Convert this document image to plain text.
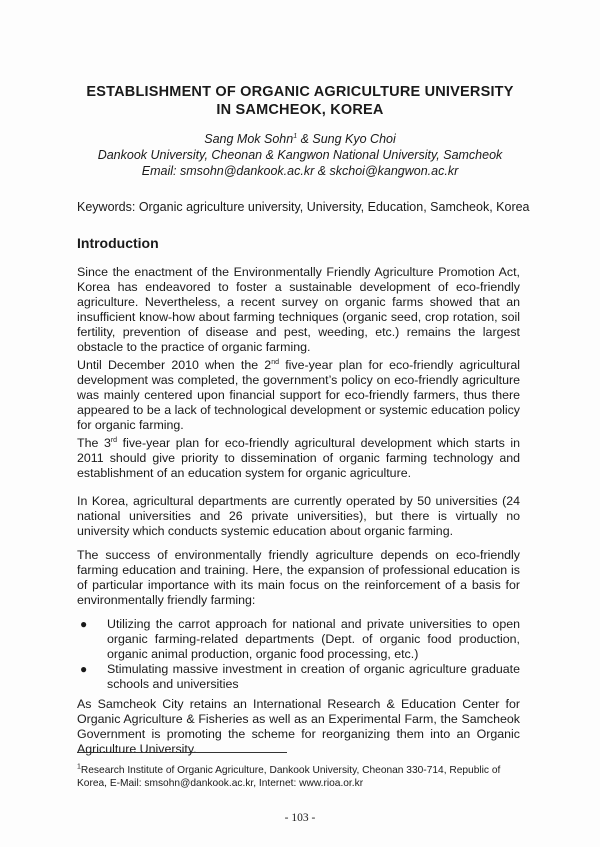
ESTABLISHMENT OF ORGANIC AGRICULTURE UNIVERSITY
IN SAMCHEOK, KOREA
Sang Mok Sohn$^1$ & Sung Kyo Choi
Dankook University, Cheonan & Kangwon National University, Samcheok
Email: smsohn@dankook.ac.kr & skchoi@kangwon.ac.kr
Keywords: Organic agriculture university, University, Education, Samcheok, Korea
Introduction
Since the enactment of the Environmentally Friendly Agriculture Promotion Act, Korea has endeavored to foster a sustainable development of eco-friendly agriculture. Nevertheless, a recent survey on organic farms showed that an insufficient know-how about farming techniques (organic seed, crop rotation, soil fertility, prevention of disease and pest, weeding, etc.) remains the largest obstacle to the practice of organic farming.
Until December 2010 when the 2nd five-year plan for eco-friendly agricultural development was completed, the government’s policy on eco-friendly agriculture was mainly centered upon financial support for eco-friendly farmers, thus there appeared to be a lack of technological development or systemic education policy for organic farming.
The 3rd five-year plan for eco-friendly agricultural development which starts in 2011 should give priority to dissemination of organic farming technology and establishment of an education system for organic agriculture.
In Korea, agricultural departments are currently operated by 50 universities (24 national universities and 26 private universities), but there is virtually no university which conducts systemic education about organic farming.
The success of environmentally friendly agriculture depends on eco-friendly farming education and training. Here, the expansion of professional education is of particular importance with its main focus on the reinforcement of a basis for environmentally friendly farming:
● Utilizing the carrot approach for national and private universities to open organic farming-related departments (Dept. of organic food production, organic animal production, organic food processing, etc.)
● Stimulating massive investment in creation of organic agriculture graduate schools and universities
As Samcheok City retains an International Research & Education Center for Organic Agriculture & Fisheries as well as an Experimental Farm, the Samcheok Government is promoting the scheme for reorganizing them into an Organic Agriculture University.
$^1$Research Institute of Organic Agriculture, Dankook University, Cheonan 330-714, Republic of Korea, E-Mail: smsohn@dankook.ac.kr, Internet: www.rioa.or.kr
- 103 -
